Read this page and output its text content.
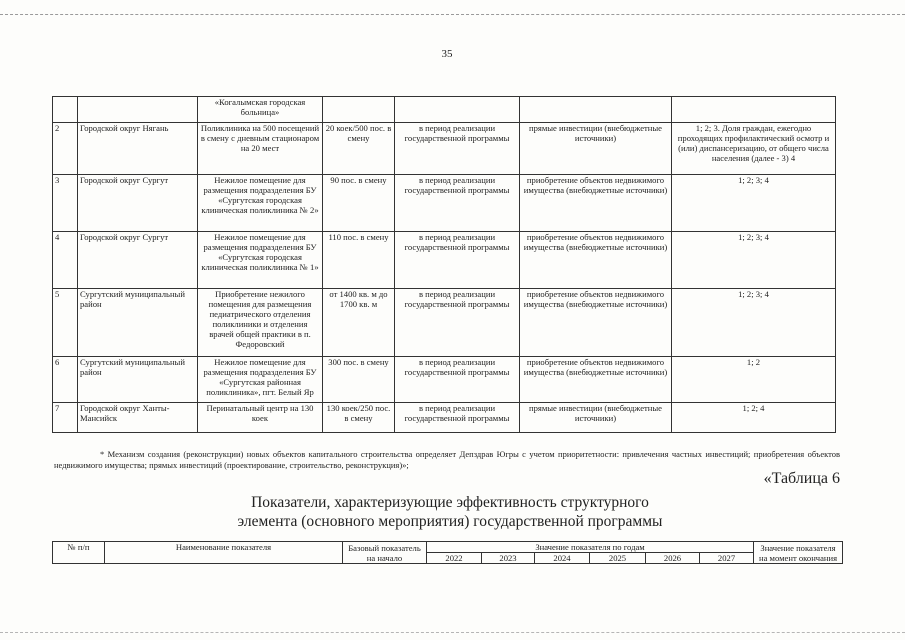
35
		«Когалымская городская больница»				
2	Городской округ Нягань	Поликлиника на 500 посещений в смену с дневным стационаром на 20 мест	20 коек/500 пос. в смену	в период реализации государственной программы	прямые инвестиции (внебюджетные источники)	1; 2; 3. Доля граждан, ежегодно проходящих профилактический осмотр и (или) диспансеризацию, от общего числа населения (далее - 3) 4
3	Городской округ Сургут	Нежилое помещение для размещения подразделения БУ «Сургутская городская клиническая поликлиника № 2»	90 пос. в смену	в период реализации государственной программы	приобретение объектов недвижимого имущества (внебюджетные источники)	1; 2; 3; 4
4	Городской округ Сургут	Нежилое помещение для размещения подразделения БУ «Сургутская городская клиническая поликлиника № 1»	110 пос. в смену	в период реализации государственной программы	приобретение объектов недвижимого имущества (внебюджетные источники)	1; 2; 3; 4
5	Сургутский муниципальный район	Приобретение нежилого помещения для размещения педиатрического отделения поликлиники и отделения врачей общей практики в п. Федоровский	от 1400 кв. м до 1700 кв. м	в период реализации государственной программы	приобретение объектов недвижимого имущества (внебюджетные источники)	1; 2; 3; 4
6	Сургутский муниципальный район	Нежилое помещение для размещения подразделения БУ «Сургутская районная поликлиника», пгт. Белый Яр	300 пос. в смену	в период реализации государственной программы	приобретение объектов недвижимого имущества (внебюджетные источники)	1; 2
7	Городской округ Ханты-Мансийск	Перинатальный центр на 130 коек	130 коек/250 пос. в смену	в период реализации государственной программы	прямые инвестиции (внебюджетные источники)	1; 2; 4
* Механизм создания (реконструкции) новых объектов капитального строительства определяет Депздрав Югры с учетом приоритетности: привлечения частных инвестиций; приобретения объектов недвижимого имущества; прямых инвестиций (проектирование, строительство, реконструкция)»;
«Таблица 6
Показатели, характеризующие эффективность структурного
элемента (основного мероприятия) государственной программы
№ п/п	Наименование показателя	Базовый показатель на начало	Значение показателя по годам						Значение показателя на момент окончания
			2022	2023	2024	2025	2026	2027	
